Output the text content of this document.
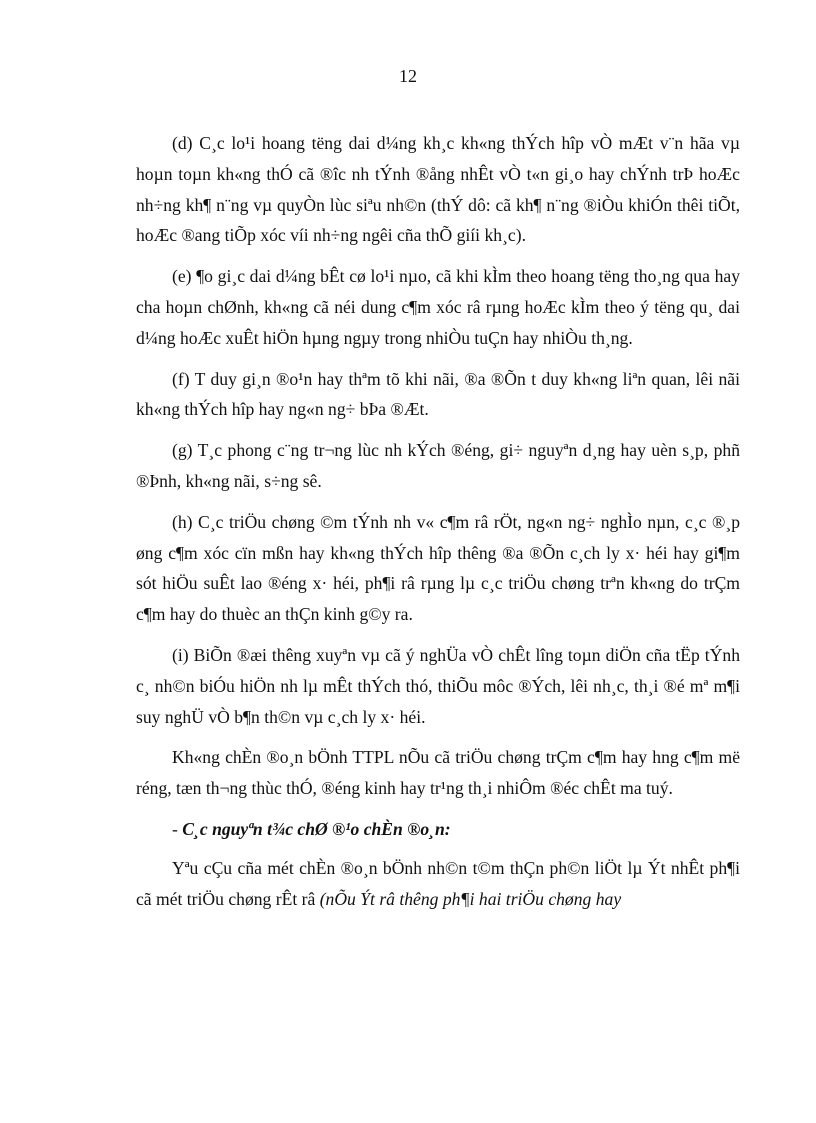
12

(d) C¸c lo¹i hoang tëng dai d¼ng kh¸c kh«ng thÝch hîp vÒ mÆt v¨n hãa vµ hoµn toµn kh«ng thÓ cã ®îc nh tÝnh ®ång nhÊt vÒ t«n gi¸o hay chÝnh trÞ hoÆc nh÷ng kh¶ n¨ng vµ quyÒn lùc siªu nh©n (thÝ dô: cã kh¶ n¨ng ®iÒu khiÓn thêi tiÕt, hoÆc ®ang tiÕp xóc víi nh÷ng ngêi cña thÕ giíi kh¸c).

(e) ¶o gi¸c dai d¼ng bÊt cø lo¹i nµo, cã khi kÌm theo hoang tëng tho¸ng qua hay cha hoµn chØnh, kh«ng cã néi dung c¶m xóc râ rµng hoÆc kÌm theo ý tëng qu¸ dai d¼ng hoÆc xuÊt hiÖn hµng ngµy trong nhiÒu tuÇn hay nhiÒu th¸ng.

(f) T duy gi¸n ®o¹n hay thªm tõ khi nãi, ®a ®Õn t duy kh«ng liªn quan, lêi nãi kh«ng thÝch hîp hay ng«n ng÷ bÞa ®Æt.

(g) T¸c phong c¨ng tr¬ng lùc nh kÝch ®éng, gi÷ nguyªn d¸ng hay uèn s¸p, phñ ®Þnh, kh«ng nãi, s÷ng sê.

(h) C¸c triÖu chøng ©m tÝnh nh v« c¶m râ rÖt, ng«n ng÷ nghÌo nµn, c¸c ®¸p øng c¶m xóc cïn mßn hay kh«ng thÝch hîp thêng ®a ®Õn c¸ch ly x· héi hay gi¶m sót hiÖu suÊt lao ®éng x· héi, ph¶i râ rµng lµ c¸c triÖu chøng trªn kh«ng do trÇm c¶m hay do thuèc an thÇn kinh g©y ra.

(i) BiÕn ®æi thêng xuyªn vµ cã ý nghÜa vÒ chÊt lîng toµn diÖn cña tËp tÝnh c¸ nh©n biÓu hiÖn nh lµ mÊt thÝch thó, thiÕu môc ®Ých, lêi nh¸c, th¸i ®é mª m¶i suy nghÜ vÒ b¶n th©n vµ c¸ch ly x· héi.

Kh«ng chÈn ®o¸n bÖnh TTPL nÕu cã triÖu chøng trÇm c¶m hay hng c¶m më réng, tæn th¬ng thùc thÓ, ®éng kinh hay tr¹ng th¸i nhiÔm ®éc chÊt ma tuý.

- C¸c nguyªn t¾c chØ ®¹o chÈn ®o¸n:

Yªu cÇu cña mét chÈn ®o¸n bÖnh nh©n t©m thÇn ph©n liÖt lµ Ýt nhÊt ph¶i cã mét triÖu chøng rÊt râ (nÕu Ýt râ thêng ph¶i hai triÖu chøng hay
